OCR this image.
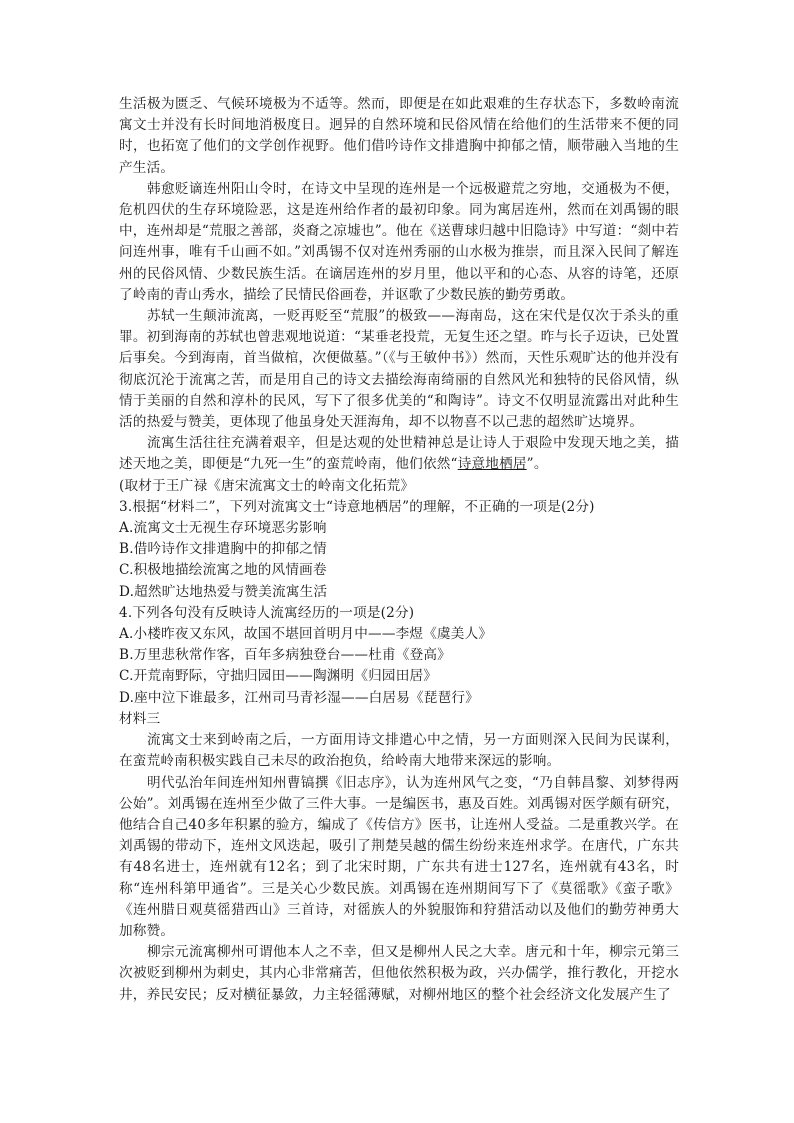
生活极为匮乏、气候环境极为不适等。然而，即便是在如此艰难的生存状态下，多数岭南流寓文士并没有长时间地消极度日。迥异的自然环境和民俗风情在给他们的生活带来不便的同时，也拓宽了他们的文学创作视野。他们借吟诗作文排遣胸中抑郁之情，顺带融入当地的生产生活。

韩愈贬谪连州阳山令时，在诗文中呈现的连州是一个远极避荒之穷地，交通极为不便，危机四伏的生存环境险恶，这是连州给作者的最初印象。同为寓居连州，然而在刘禹锡的眼中，连州却是“荒服之善部，炎裔之凉墟也”。他在《送曹球归越中旧隐诗》中写道：“剡中若问连州事，唯有千山画不如。”刘禹锡不仅对连州秀丽的山水极为推崇，而且深入民间了解连州的民俗风情、少数民族生活。在谪居连州的岁月里，他以平和的心态、从容的诗笔，还原了岭南的青山秀水，描绘了民情民俗画卷，并讴歌了少数民族的勤劳勇敢。

苏轼一生颠沛流离，一贬再贬至“荒服”的极致——海南岛，这在宋代是仅次于杀头的重罪。初到海南的苏轼也曾悲观地说道：“某垂老投荒，无复生还之望。昨与长子迈诀，已处置后事矣。今到海南，首当做棺，次便做墓。”（《与王敏仲书》）然而，天性乐观旷达的他并没有彻底沉沦于流寓之苦，而是用自己的诗文去描绘海南绮丽的自然风光和独特的民俗风情，纵情于美丽的自然和淳朴的民风，写下了很多优美的“和陶诗”。诗文不仅明显流露出对此种生活的热爱与赞美，更体现了他虽身处天涯海角，却不以物喜不以己悲的超然旷达境界。

流寓生活往往充满着艰辛，但是达观的处世精神总是让诗人于艰险中发现天地之美，描述天地之美，即便是“九死一生”的蛮荒岭南，他们依然“诗意地栖居”。

(取材于王广禄《唐宋流寓文士的岭南文化拓荒》

3.根据“材料二”，下列对流寓文士“诗意地栖居”的理解，不正确的一项是(2分)

A.流寓文士无视生存环境恶劣影响

B.借吟诗作文排遣胸中的抑郁之情

C.积极地描绘流寓之地的风情画卷

D.超然旷达地热爱与赞美流寓生活

4.下列各句没有反映诗人流寓经历的一项是(2分)

A.小楼昨夜又东风，故国不堪回首明月中——李煜《虞美人》

B.万里悲秋常作客，百年多病独登台——杜甫《登高》

C.开荒南野际，守拙归园田——陶渊明《归园田居》

D.座中泣下谁最多，江州司马青衫湿——白居易《琵琶行》

材料三

流寓文士来到岭南之后，一方面用诗文排遣心中之情，另一方面则深入民间为民谋利，在蛮荒岭南积极实践自己未尽的政治抱负，给岭南大地带来深远的影响。

明代弘治年间连州知州曹镐撰《旧志序》，认为连州风气之变，“乃自韩昌黎、刘梦得两公始”。刘禹锡在连州至少做了三件大事。一是编医书，惠及百姓。刘禹锡对医学颇有研究，他结合自己40多年积累的验方，编成了《传信方》医书，让连州人受益。二是重教兴学。在刘禹锡的带动下，连州文风迭起，吸引了荆楚吴越的儒生纷纷来连州求学。在唐代，广东共有48名进士，连州就有12名；到了北宋时期，广东共有进士127名，连州就有43名，时称“连州科第甲通省”。三是关心少数民族。刘禹锡在连州期间写下了《莫徭歌》《蛮子歌》《连州腊日观莫徭猎西山》三首诗，对徭族人的外貌服饰和狩猎活动以及他们的勤劳神勇大加称赞。

柳宗元流寓柳州可谓他本人之不幸，但又是柳州人民之大幸。唐元和十年，柳宗元第三次被贬到柳州为刺史，其内心非常痛苦，但他依然积极为政，兴办儒学，推行教化，开挖水井，养民安民；反对横征暴敛，力主轻徭薄赋，对柳州地区的整个社会经济文化发展产生了
